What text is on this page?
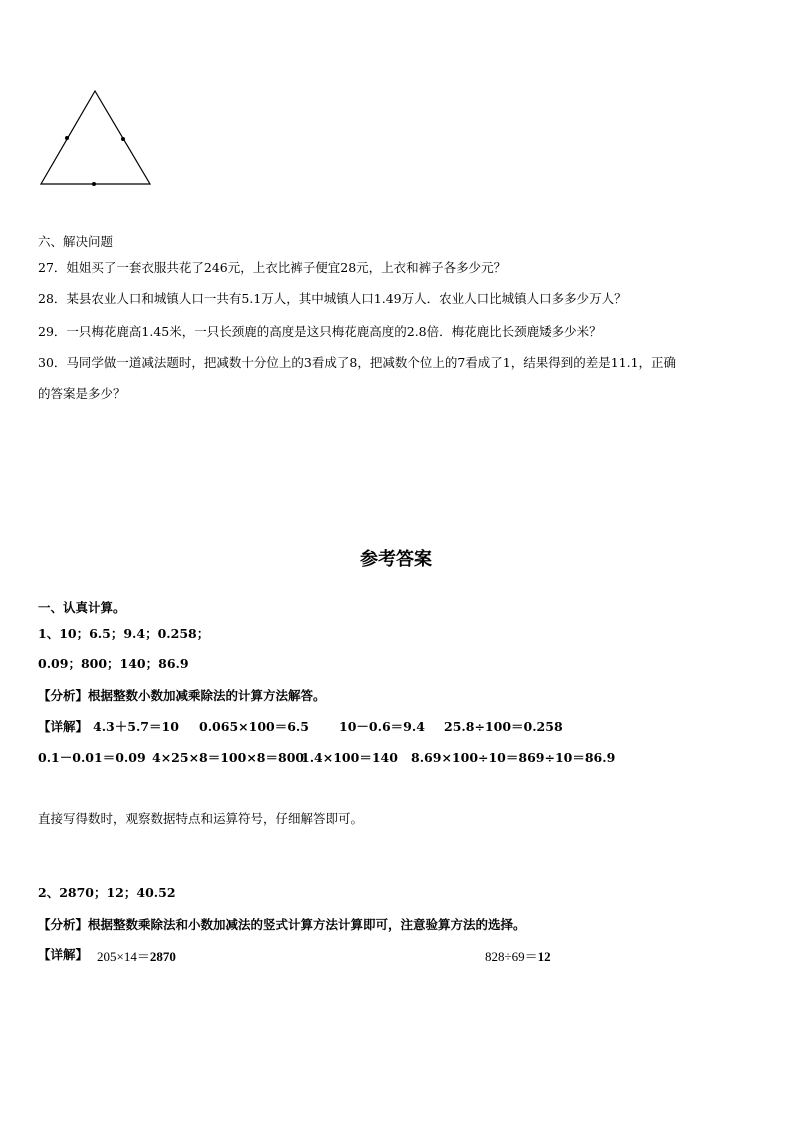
六、解决问题
27．姐姐买了一套衣服共花了246元，上衣比裤子便宜28元，上衣和裤子各多少元？
28．某县农业人口和城镇人口一共有5.1万人，其中城镇人口1.49万人．农业人口比城镇人口多多少万人？
29．一只梅花鹿高1.45米，一只长颈鹿的高度是这只梅花鹿高度的2.8倍．梅花鹿比长颈鹿矮多少米？
30．马同学做一道减法题时，把减数十分位上的3看成了8，把减数个位上的7看成了1，结果得到的差是11.1，正确
的答案是多少？
参考答案
一、认真计算。
1、10；6.5；9.4；0.258；
0.09；800；140；86.9
【分析】根据整数小数加减乘除法的计算方法解答。
【详解】 4.3＋5.7＝10 0.065×100＝6.5 10－0.6＝9.4 25.8÷100＝0.258
0.1－0.01＝0.09 4×25×8＝100×8＝800
1.4×100＝140 8.69×100÷10＝869÷10＝86.9
直接写得数时，观察数据特点和运算符号，仔细解答即可。
2、2870；12；40.52
【分析】根据整数乘除法和小数加减法的竖式计算方法计算即可，注意验算方法的选择。
【详解】 205×14＝2870	828÷69＝12
